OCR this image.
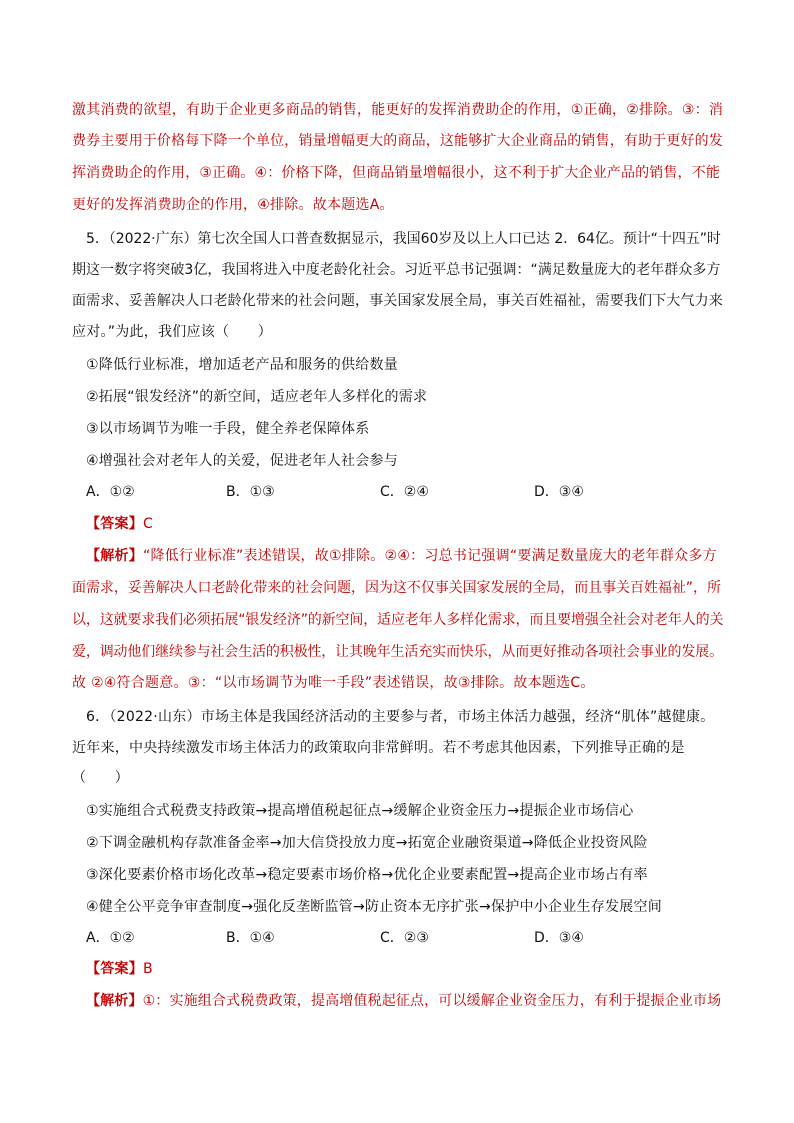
激其消费的欲望，有助于企业更多商品的销售，能更好的发挥消费助企的作用，①正确，②排除。③：消
费券主要用于价格每下降一个单位，销量增幅更大的商品，这能够扩大企业商品的销售，有助于更好的发
挥消费助企的作用，③正确。④：价格下降，但商品销量增幅很小，这不利于扩大企业产品的销售，不能
更好的发挥消费助企的作用，④排除。故本题选A。
5．（2022·广东）第七次全国人口普查数据显示，我国60岁及以上人口已达 2．64亿。预计“十四五”时
期这一数字将突破3亿，我国将进入中度老龄化社会。习近平总书记强调：“满足数量庞大的老年群众多方
面需求、妥善解决人口老龄化带来的社会问题，事关国家发展全局，事关百姓福祉，需要我们下大气力来
应对。”为此，我们应该（　　）
①降低行业标准，增加适老产品和服务的供给数量
②拓展“银发经济”的新空间，适应老年人多样化的需求
③以市场调节为唯一手段，健全养老保障体系
④增强社会对老年人的关爱，促进老年人社会参与
A．①②	B．①③	C．②④	D．③④
【答案】C
【解析】“降低行业标准”表述错误，故①排除。②④：习总书记强调“要满足数量庞大的老年群众多方
面需求，妥善解决人口老龄化带来的社会问题，因为这不仅事关国家发展的全局，而且事关百姓福祉”，所
以，这就要求我们必须拓展“银发经济”的新空间，适应老年人多样化需求，而且要增强全社会对老年人的关
爱，调动他们继续参与社会生活的积极性，让其晚年生活充实而快乐，从而更好推动各项社会事业的发展。
故 ②④符合题意。③：“以市场调节为唯一手段”表述错误，故③排除。故本题选C。
6．（2022·山东）市场主体是我国经济活动的主要参与者，市场主体活力越强，经济“肌体”越健康。
近年来，中央持续激发市场主体活力的政策取向非常鲜明。若不考虑其他因素，下列推导正确的是
（　　）
①实施组合式税费支持政策→提高增值税起征点→缓解企业资金压力→提振企业市场信心
②下调金融机构存款准备金率→加大信贷投放力度→拓宽企业融资渠道→降低企业投资风险
③深化要素价格市场化改革→稳定要素市场价格→优化企业要素配置→提高企业市场占有率
④健全公平竞争审查制度→强化反垄断监管→防止资本无序扩张→保护中小企业生存发展空间
A．①②	B．①④	C．②③	D．③④
【答案】B
【解析】①：实施组合式税费政策，提高增值税起征点，可以缓解企业资金压力，有利于提振企业市场
